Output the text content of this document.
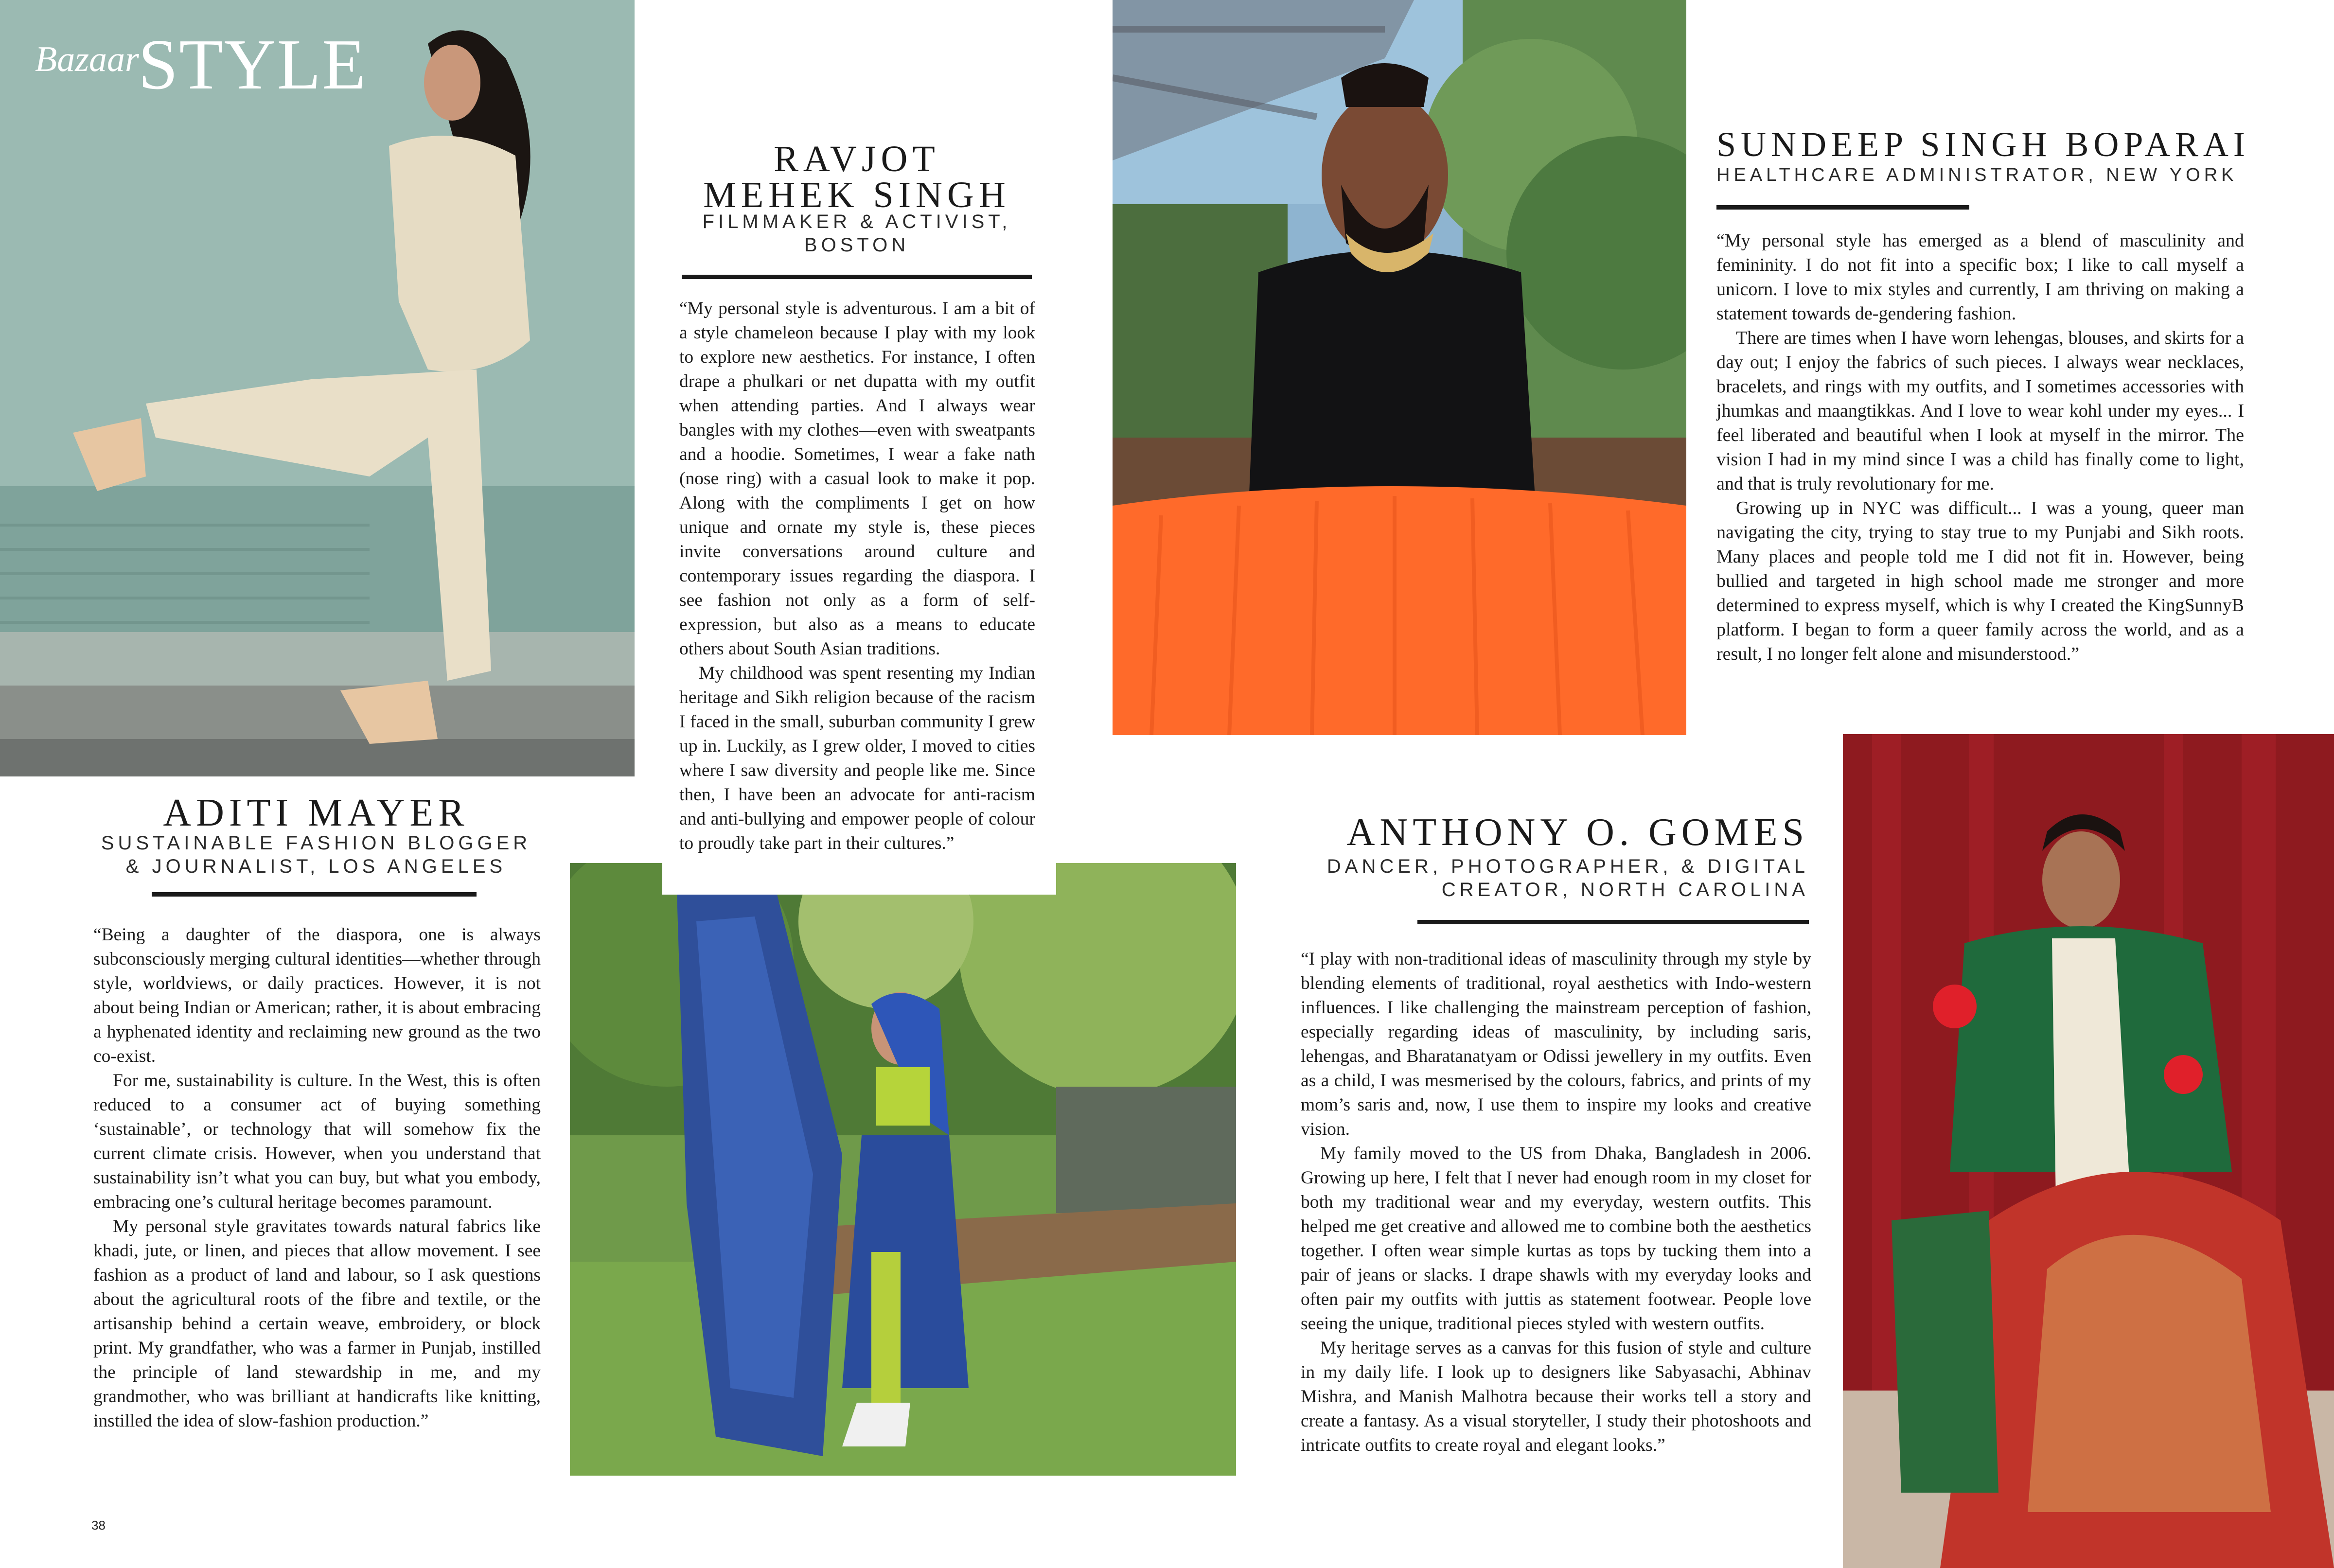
Bazaar
STYLE
RAVJOT MEHEK SINGH
FILMMAKER & ACTIVIST, BOSTON

“My personal style is adventurous. I am a bit of a style chameleon because I play with my look to explore new aesthetics. For instance, I often drape a phulkari or net dupatta with my outfit when attending parties. And I always wear bangles with my clothes—even with sweatpants and a hoodie. Sometimes, I wear a fake nath (nose ring) with a casual look to make it pop. Along with the compliments I get on how unique and ornate my style is, these pieces invite conversations around culture and contemporary issues regarding the diaspora. I see fashion not only as a form of self-expression, but also as a means to educate others about South Asian traditions.

My childhood was spent resenting my Indian heritage and Sikh religion because of the racism I faced in the small, suburban community I grew up in. Luckily, as I grew older, I moved to cities where I saw diversity and people like me. Since then, I have been an advocate for anti-racism and anti-bullying and empower people of colour to proudly take part in their cultures.”

SUNDEEP SINGH BOPARAI
HEALTHCARE ADMINISTRATOR, NEW YORK

“My personal style has emerged as a blend of masculinity and femininity. I do not fit into a specific box; I like to call myself a unicorn. I love to mix styles and currently, I am thriving on making a statement towards de-gendering fashion.

There are times when I have worn lehengas, blouses, and skirts for a day out; I enjoy the fabrics of such pieces. I always wear necklaces, bracelets, and rings with my outfits, and I sometimes accessories with jhumkas and maangtikkas. And I love to wear kohl under my eyes... I feel liberated and beautiful when I look at myself in the mirror. The vision I had in my mind since I was a child has finally come to light, and that is truly revolutionary for me.

Growing up in NYC was difficult... I was a young, queer man navigating the city, trying to stay true to my Punjabi and Sikh roots. Many places and people told me I did not fit in. However, being bullied and targeted in high school made me stronger and more determined to express myself, which is why I created the KingSunnyB platform. I began to form a queer family across the world, and as a result, I no longer felt alone and misunderstood.”

ADITI MAYER
SUSTAINABLE FASHION BLOGGER
& JOURNALIST, LOS ANGELES

“Being a daughter of the diaspora, one is always subconsciously merging cultural identities—whether through style, worldviews, or daily practices. However, it is not about being Indian or American; rather, it is about embracing a hyphenated identity and reclaiming new ground as the two co-exist.

For me, sustainability is culture. In the West, this is often reduced to a consumer act of buying something ‘sustainable’, or technology that will somehow fix the current climate crisis. However, when you understand that sustainability isn’t what you can buy, but what you embody, embracing one’s cultural heritage becomes paramount.

My personal style gravitates towards natural fabrics like khadi, jute, or linen, and pieces that allow movement. I see fashion as a product of land and labour, so I ask questions about the agricultural roots of the fibre and textile, or the artisanship behind a certain weave, embroidery, or block print. My grandfather, who was a farmer in Punjab, instilled the principle of land stewardship in me, and my grandmother, who was brilliant at handicrafts like knitting, instilled the idea of slow-fashion production.”

ANTHONY O. GOMES
DANCER, PHOTOGRAPHER, & DIGITAL
CREATOR, NORTH CAROLINA

“I play with non-traditional ideas of masculinity through my style by blending elements of traditional, royal aesthetics with Indo-western influences. I like challenging the mainstream perception of fashion, especially regarding ideas of masculinity, by including saris, lehengas, and Bharatanatyam or Odissi jewellery in my outfits. Even as a child, I was mesmerised by the colours, fabrics, and prints of my mom’s saris and, now, I use them to inspire my looks and creative vision.

My family moved to the US from Dhaka, Bangladesh in 2006. Growing up here, I felt that I never had enough room in my closet for both my traditional wear and my everyday, western outfits. This helped me get creative and allowed me to combine both the aesthetics together. I often wear simple kurtas as tops by tucking them into a pair of jeans or slacks. I drape shawls with my everyday looks and often pair my outfits with juttis as statement footwear. People love seeing the unique, traditional pieces styled with western outfits.

My heritage serves as a canvas for this fusion of style and culture in my daily life. I look up to designers like Sabyasachi, Abhinav Mishra, and Manish Malhotra because their works tell a story and create a fantasy. As a visual storyteller, I study their photoshoots and intricate outfits to create royal and elegant looks.”

38
